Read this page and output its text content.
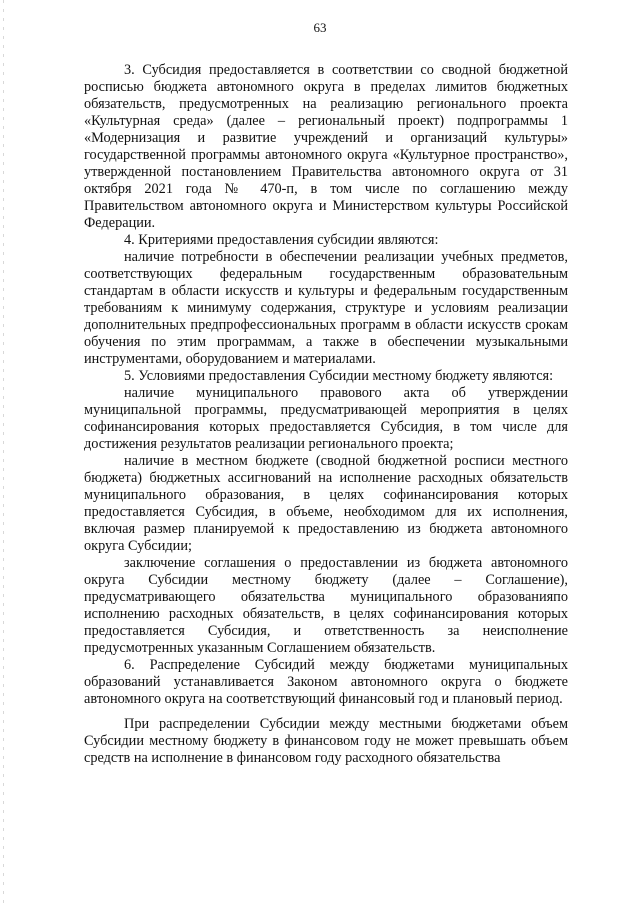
63

3. Субсидия предоставляется в соответствии со сводной бюджетной росписью бюджета автономного округа в пределах лимитов бюджетных обязательств, предусмотренных на реализацию регионального проекта «Культурная среда» (далее – региональный проект) подпрограммы 1 «Модернизация и развитие учреждений и организаций культуры» государственной программы автономного округа «Культурное пространство», утвержденной постановлением Правительства автономного округа от 31 октября 2021 года № 470-п, в том числе по соглашению между Правительством автономного округа и Министерством культуры Российской Федерации.

4. Критериями предоставления субсидии являются:

наличие потребности в обеспечении реализации учебных предметов, соответствующих федеральным государственным образовательным стандартам в области искусств и культуры и федеральным государственным требованиям к минимуму содержания, структуре и условиям реализации дополнительных предпрофессиональных программ в области искусств срокам обучения по этим программам, а также в обеспечении музыкальными инструментами, оборудованием и материалами.

5. Условиями предоставления Субсидии местному бюджету являются:

наличие муниципального правового акта об утверждении муниципальной программы, предусматривающей мероприятия в целях софинансирования которых предоставляется Субсидия, в том числе для достижения результатов реализации регионального проекта;

наличие в местном бюджете (сводной бюджетной росписи местного бюджета) бюджетных ассигнований на исполнение расходных обязательств муниципального образования, в целях софинансирования которых предоставляется Субсидия, в объеме, необходимом для их исполнения, включая размер планируемой к предоставлению из бюджета автономного округа Субсидии;

заключение соглашения о предоставлении из бюджета автономного округа Субсидии местному бюджету (далее – Соглашение), предусматривающего обязательства муниципального образованияпо исполнению расходных обязательств, в целях софинансирования которых предоставляется Субсидия, и ответственность за неисполнение предусмотренных указанным Соглашением обязательств.

6. Распределение Субсидий между бюджетами муниципальных образований устанавливается Законом автономного округа о бюджете автономного округа на соответствующий финансовый год и плановый период.

При распределении Субсидии между местными бюджетами объем Субсидии местному бюджету в финансовом году не может превышать объем средств на исполнение в финансовом году расходного обязательства
